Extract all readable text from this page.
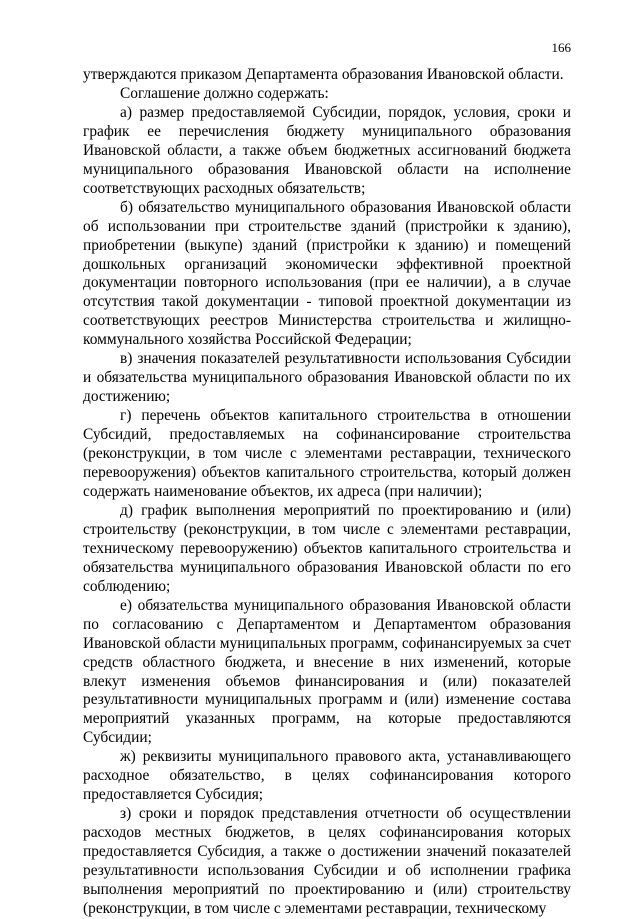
166

утверждаются приказом Департамента образования Ивановской области.

Соглашение должно содержать:

а) размер предоставляемой Субсидии, порядок, условия, сроки и график ее перечисления бюджету муниципального образования Ивановской области, а также объем бюджетных ассигнований бюджета муниципального образования Ивановской области на исполнение соответствующих расходных обязательств;

б) обязательство муниципального образования Ивановской области об использовании при строительстве зданий (пристройки к зданию), приобретении (выкупе) зданий (пристройки к зданию) и помещений дошкольных организаций экономически эффективной проектной документации повторного использования (при ее наличии), а в случае отсутствия такой документации - типовой проектной документации из соответствующих реестров Министерства строительства и жилищно-коммунального хозяйства Российской Федерации;

в) значения показателей результативности использования Субсидии и обязательства муниципального образования Ивановской области по их достижению;

г) перечень объектов капитального строительства в отношении Субсидий, предоставляемых на софинансирование строительства (реконструкции, в том числе с элементами реставрации, технического перевооружения) объектов капитального строительства, который должен содержать наименование объектов, их адреса (при наличии);

д) график выполнения мероприятий по проектированию и (или) строительству (реконструкции, в том числе с элементами реставрации, техническому перевооружению) объектов капитального строительства и обязательства муниципального образования Ивановской области по его соблюдению;

е) обязательства муниципального образования Ивановской области по согласованию с Департаментом и Департаментом образования Ивановской области муниципальных программ, софинансируемых за счет средств областного бюджета, и внесение в них изменений, которые влекут изменения объемов финансирования и (или) показателей результативности муниципальных программ и (или) изменение состава мероприятий указанных программ, на которые предоставляются Субсидии;

ж) реквизиты муниципального правового акта, устанавливающего расходное обязательство, в целях софинансирования которого предоставляется Субсидия;

з) сроки и порядок представления отчетности об осуществлении расходов местных бюджетов, в целях софинансирования которых предоставляется Субсидия, а также о достижении значений показателей результативности использования Субсидии и об исполнении графика выполнения мероприятий по проектированию и (или) строительству (реконструкции, в том числе с элементами реставрации, техническому
